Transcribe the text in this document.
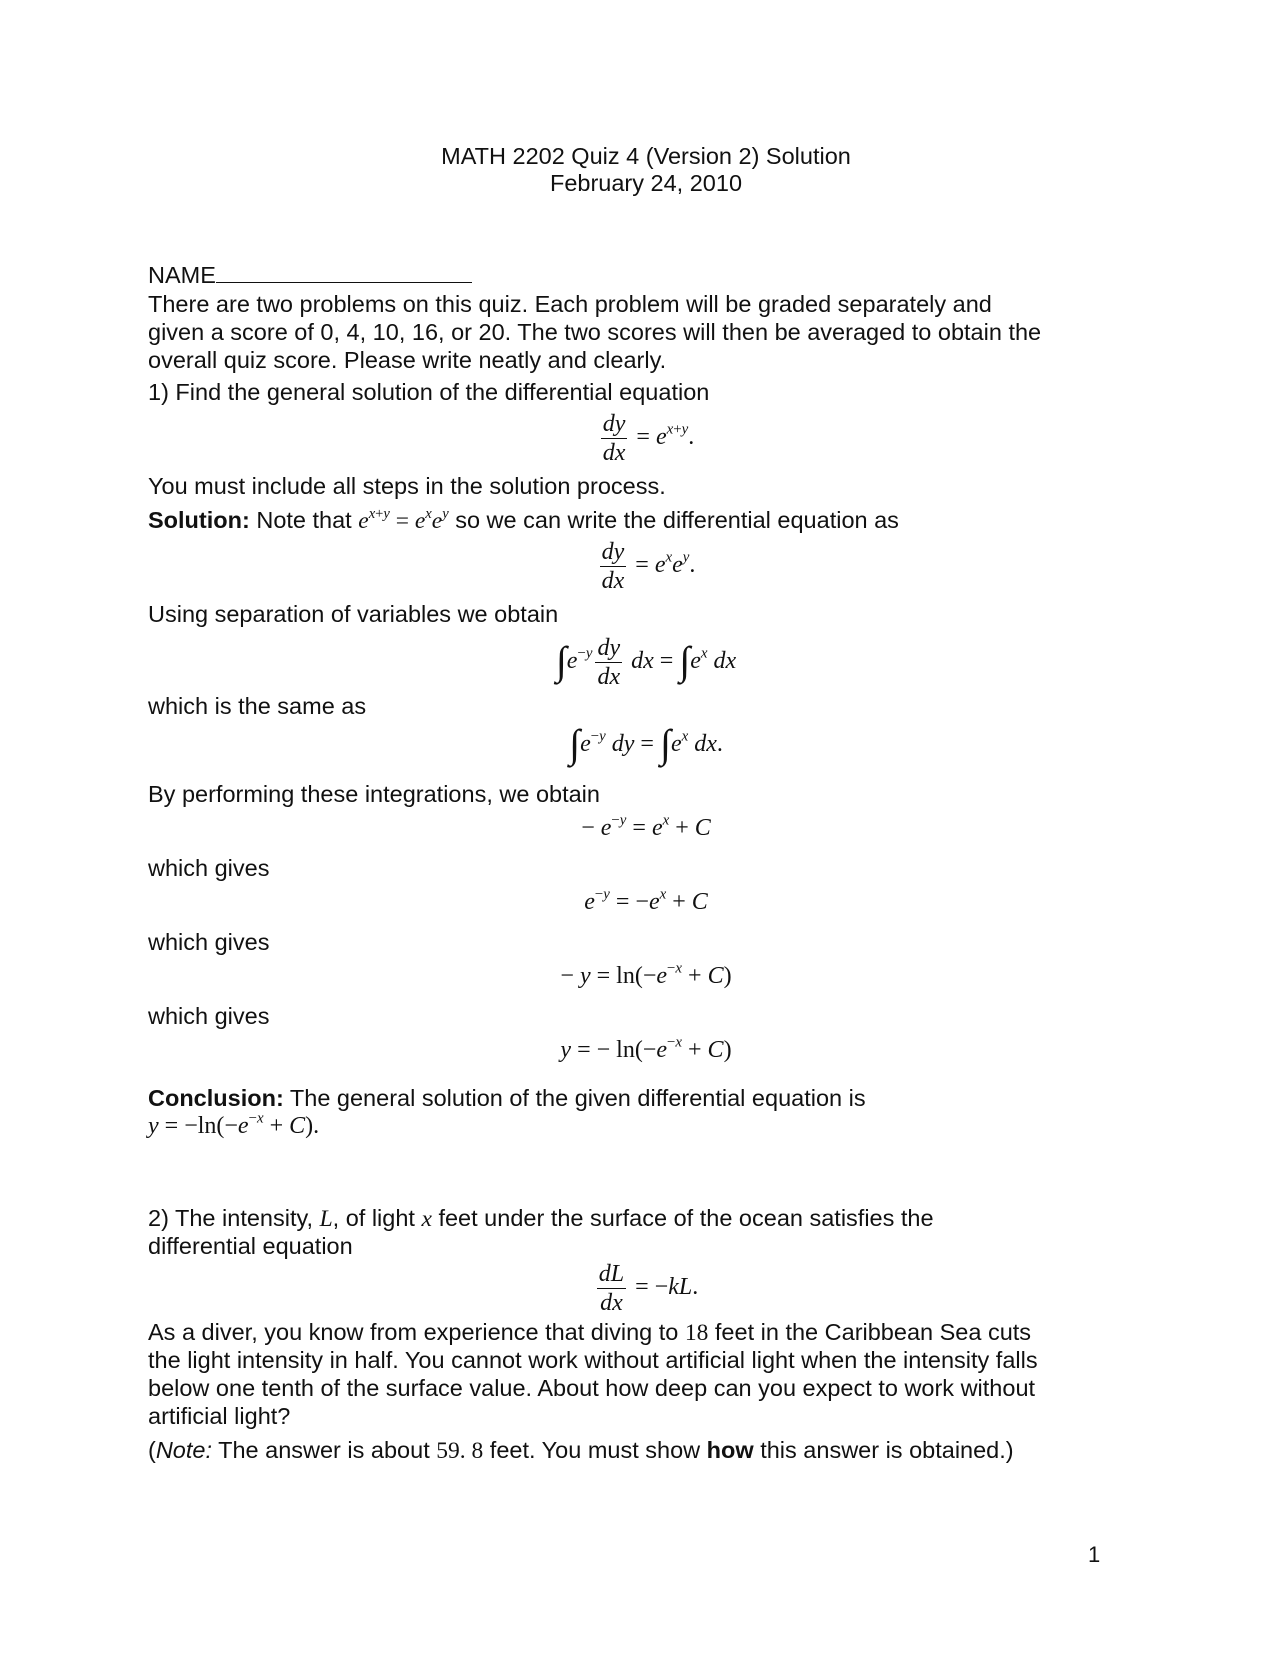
MATH 2202 Quiz 4 (Version 2) Solution
February 24, 2010
NAME
There are two problems on this quiz. Each problem will be graded separately and
given a score of 0, 4, 10, 16, or 20. The two scores will then be averaged to obtain the
overall quiz score. Please write neatly and clearly.
1) Find the general solution of the differential equation
$\frac{dy}{dx} = e^{x+y}$.
You must include all steps in the solution process.
Solution: Note that $e^{x+y} = e^xe^y$ so we can write the differential equation as
$\frac{dy}{dx} = e^xe^y$.
Using separation of variables we obtain
$\int e^{-y} \frac{dy}{dx}$ dx = $\int e^x$ dx
which is the same as
$\int e^{-y}$ dy = $\int e^x$ dx.
By performing these integrations, we obtain
− $e^{-y} = e^x + C$
which gives
$e^{-y} = -e^x + C$
which gives
− $y = \ln(-e^{-x} + C)$
which gives
y = − $\ln(-e^{-x} + C)$
Conclusion: The general solution of the given differential equation is
$y = -\ln(-e^{-x} + C)$.
2) The intensity, L, of light x feet under the surface of the ocean satisfies the
differential equation
$\frac{dL}{dx} = -kL$.
As a diver, you know from experience that diving to 18 feet in the Caribbean Sea cuts
the light intensity in half. You cannot work without artificial light when the intensity falls
below one tenth of the surface value. About how deep can you expect to work without
artificial light?
(Note: The answer is about 59. 8 feet. You must show how this answer is obtained.)
1
